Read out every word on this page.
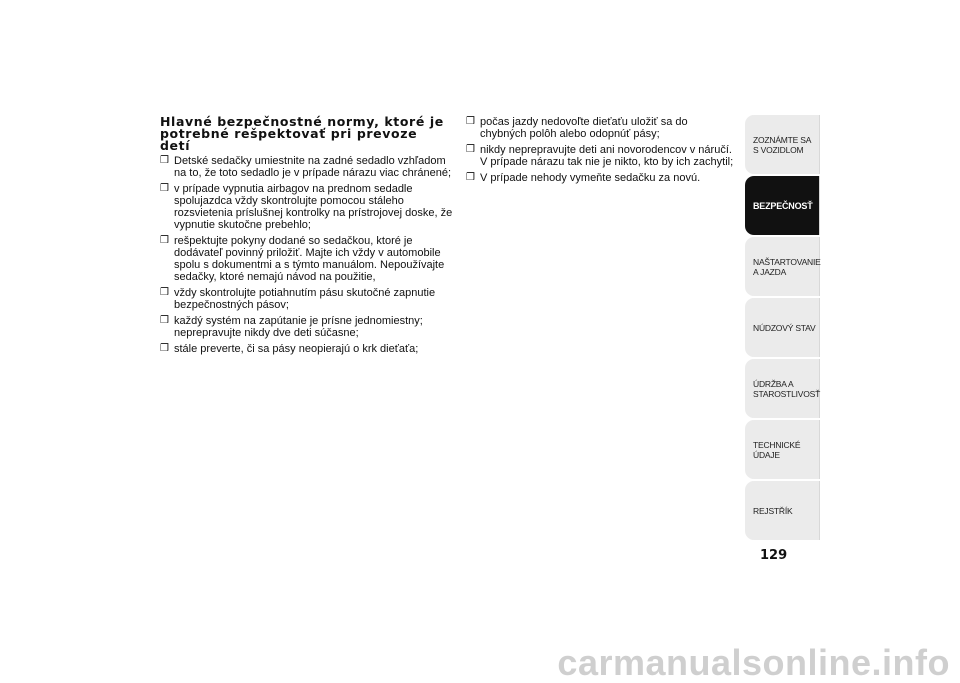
Hlavné bezpečnostné normy, ktoré je potrebné rešpektovať pri prevoze detí
❒ Detské sedačky umiestnite na zadné sedadlo vzhľadom na to, že toto sedadlo je v prípade nárazu viac chránené;
❒ v prípade vypnutia airbagov na prednom sedadle spolujazdca vždy skontrolujte pomocou stáleho rozsvietenia príslušnej kontrolky na prístrojovej doske, že vypnutie skutočne prebehlo;
❒ rešpektujte pokyny dodané so sedačkou, ktoré je dodávateľ povinný priložiť. Majte ich vždy v automobile spolu s dokumentmi a s týmto manuálom. Nepoužívajte sedačky, ktoré nemajú návod na použitie,
❒ vždy skontrolujte potiahnutím pásu skutočné zapnutie bezpečnostných pásov;
❒ každý systém na zapútanie je prísne jednomiestny; neprepravujte nikdy dve deti súčasne;
❒ stále preverte, či sa pásy neopierajú o krk dieťaťa;
❒ počas jazdy nedovoľte dieťaťu uložiť sa do chybných polôh alebo odopnúť pásy;
❒ nikdy neprepravujte deti ani novorodencov v náručí. V prípade nárazu tak nie je nikto, kto by ich zachytil;
❒ V prípade nehody vymeňte sedačku za novú.
ZOZNÁMTE SA S VOZIDLOM
BEZPEČNOSŤ
NAŠTARTOVANIE A JAZDA
NÚDZOVÝ STAV
ÚDRŽBA A STAROSTLIVOSŤ
TECHNICKÉ ÚDAJE
REJSTŘÍK
129
carmanualsonline.info
